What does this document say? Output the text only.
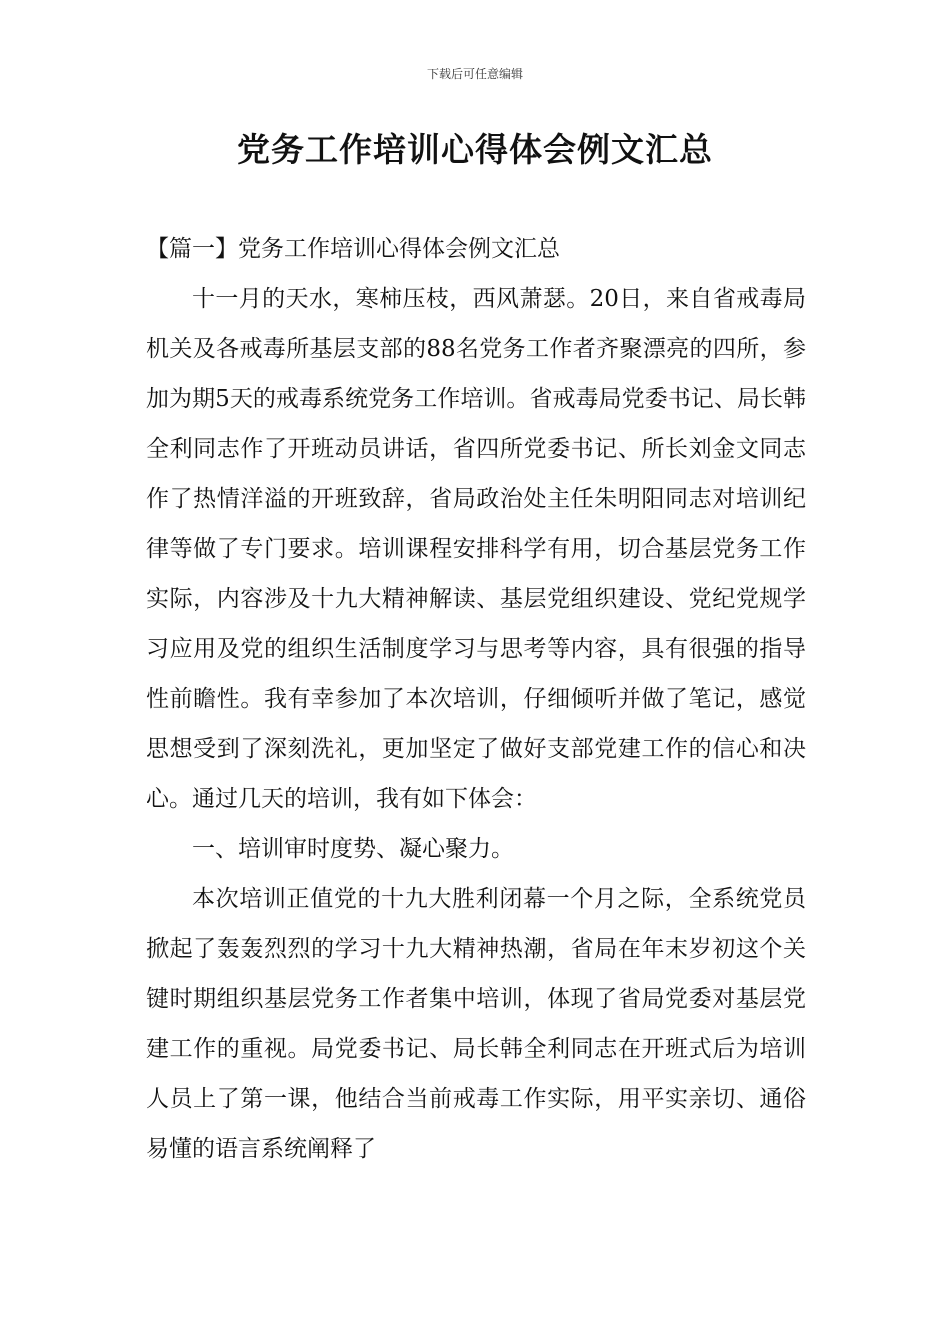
下载后可任意编辑
党务工作培训心得体会例文汇总

【篇一】党务工作培训心得体会例文汇总

十一月的天水，寒柿压枝，西风萧瑟。20日，来自省戒毒局机关及各戒毒所基层支部的88名党务工作者齐聚漂亮的四所，参加为期5天的戒毒系统党务工作培训。省戒毒局党委书记、局长韩全利同志作了开班动员讲话，省四所党委书记、所长刘金文同志作了热情洋溢的开班致辞，省局政治处主任朱明阳同志对培训纪律等做了专门要求。培训课程安排科学有用，切合基层党务工作实际，内容涉及十九大精神解读、基层党组织建设、党纪党规学习应用及党的组织生活制度学习与思考等内容，具有很强的指导性前瞻性。我有幸参加了本次培训，仔细倾听并做了笔记，感觉思想受到了深刻洗礼，更加坚定了做好支部党建工作的信心和决心。通过几天的培训，我有如下体会：

一、培训审时度势、凝心聚力。

本次培训正值党的十九大胜利闭幕一个月之际，全系统党员掀起了轰轰烈烈的学习十九大精神热潮，省局在年末岁初这个关键时期组织基层党务工作者集中培训，体现了省局党委对基层党建工作的重视。局党委书记、局长韩全利同志在开班式后为培训人员上了第一课，他结合当前戒毒工作实际，用平实亲切、通俗易懂的语言系统阐释了
